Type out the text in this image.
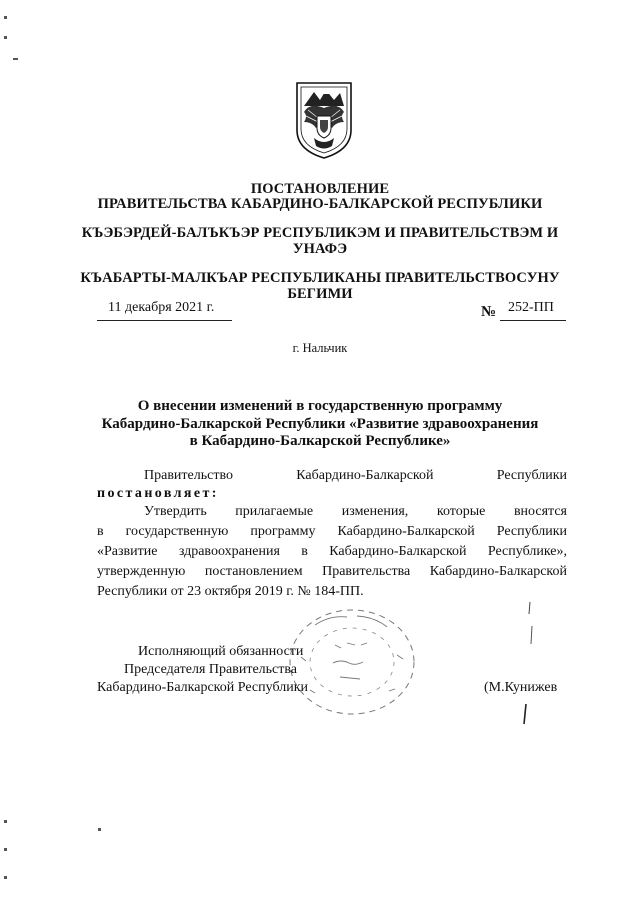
ПОСТАНОВЛЕНИЕ
ПРАВИТЕЛЬСТВА КАБАРДИНО-БАЛКАРСКОЙ РЕСПУБЛИКИ
КЪЭБЭРДЕЙ-БАЛЪКЪЭР РЕСПУБЛИКЭМ И ПРАВИТЕЛЬСТВЭМ И
УНАФЭ
КЪАБАРТЫ-МАЛКЪАР РЕСПУБЛИКАНЫ ПРАВИТЕЛЬСТВОСУНУ
БЕГИМИ
11 декабря 2021 г.	№ 252-ПП
г. Нальчик
О внесении изменений в государственную программу
Кабардино-Балкарской Республики «Развитие здравоохранения
в Кабардино-Балкарской Республике»
Правительство Кабардино-Балкарской Республики
постановляет:
Утвердить прилагаемые изменения, которые вносятся
в государственную программу Кабардино-Балкарской Республики
«Развитие здравоохранения в Кабардино-Балкарской Республике»,
утвержденную постановлением Правительства Кабардино-Балкарской
Республики от 23 октября 2019 г. № 184-ПП.
Исполняющий обязанности
Председателя Правительства
Кабардино-Балкарской Республики	(М.Кунижев
